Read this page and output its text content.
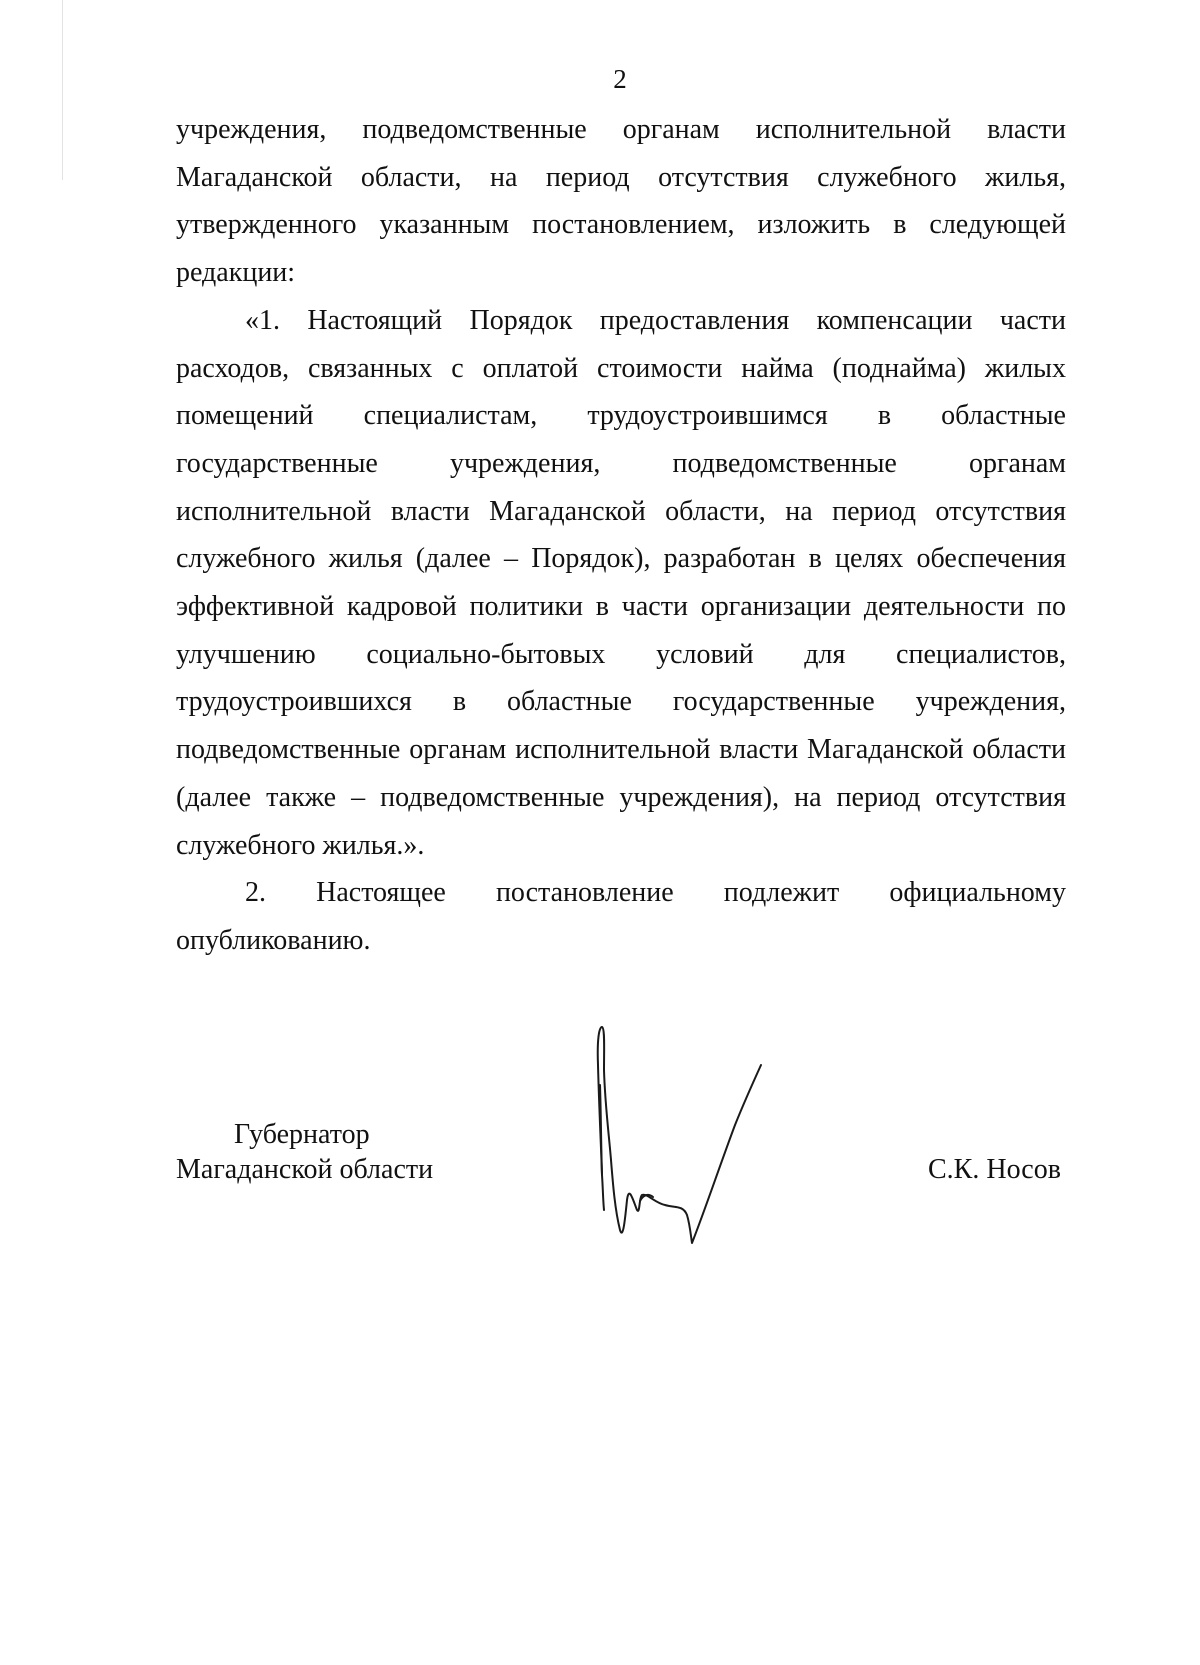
2

учреждения, подведомственные органам исполнительной власти Магаданской области, на период отсутствия служебного жилья, утвержденного указанным постановлением, изложить в следующей редакции:

«1. Настоящий Порядок предоставления компенсации части расходов, связанных с оплатой стоимости найма (поднайма) жилых помещений специалистам, трудоустроившимся в областные государственные учреждения, подведомственные органам исполнительной власти Магаданской области, на период отсутствия служебного жилья (далее – Порядок), разработан в целях обеспечения эффективной кадровой политики в части организации деятельности по улучшению социально-бытовых условий для специалистов, трудоустроившихся в областные государственные учреждения, подведомственные органам исполнительной власти Магаданской области (далее также – подведомственные учреждения), на период отсутствия служебного жилья.».

2. Настоящее постановление подлежит официальному опубликованию.

Губернатор
Магаданской области	С.К. Носов
